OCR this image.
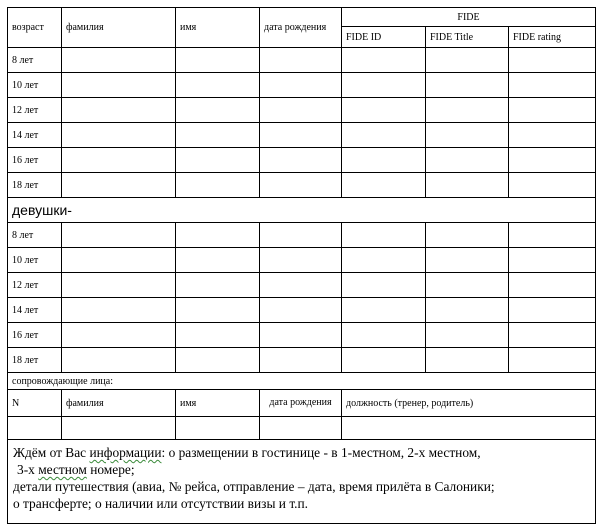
возраст	фамилия	имя	дата рождения	FIDE		
				FIDE ID	FIDE Title	FIDE rating
8 лет						
10 лет						
12 лет						
14 лет						
16 лет						
18 лет						
девушки-						
8 лет						
10 лет						
12 лет						
14 лет						
16 лет						
18 лет						
сопровождающие лица:						
N	фамилия	имя	дата рождения	должность (тренер, родитель)

Ждём от Вас информации: о размещении в гостинице - в 1-местном, 2-х местном,
3-х местном номере;
детали путешествия (авиа, № рейса, отправление – дата, время прилёта в Салоники;
о трансферте; о наличии или отсутствии визы и т.п.				
